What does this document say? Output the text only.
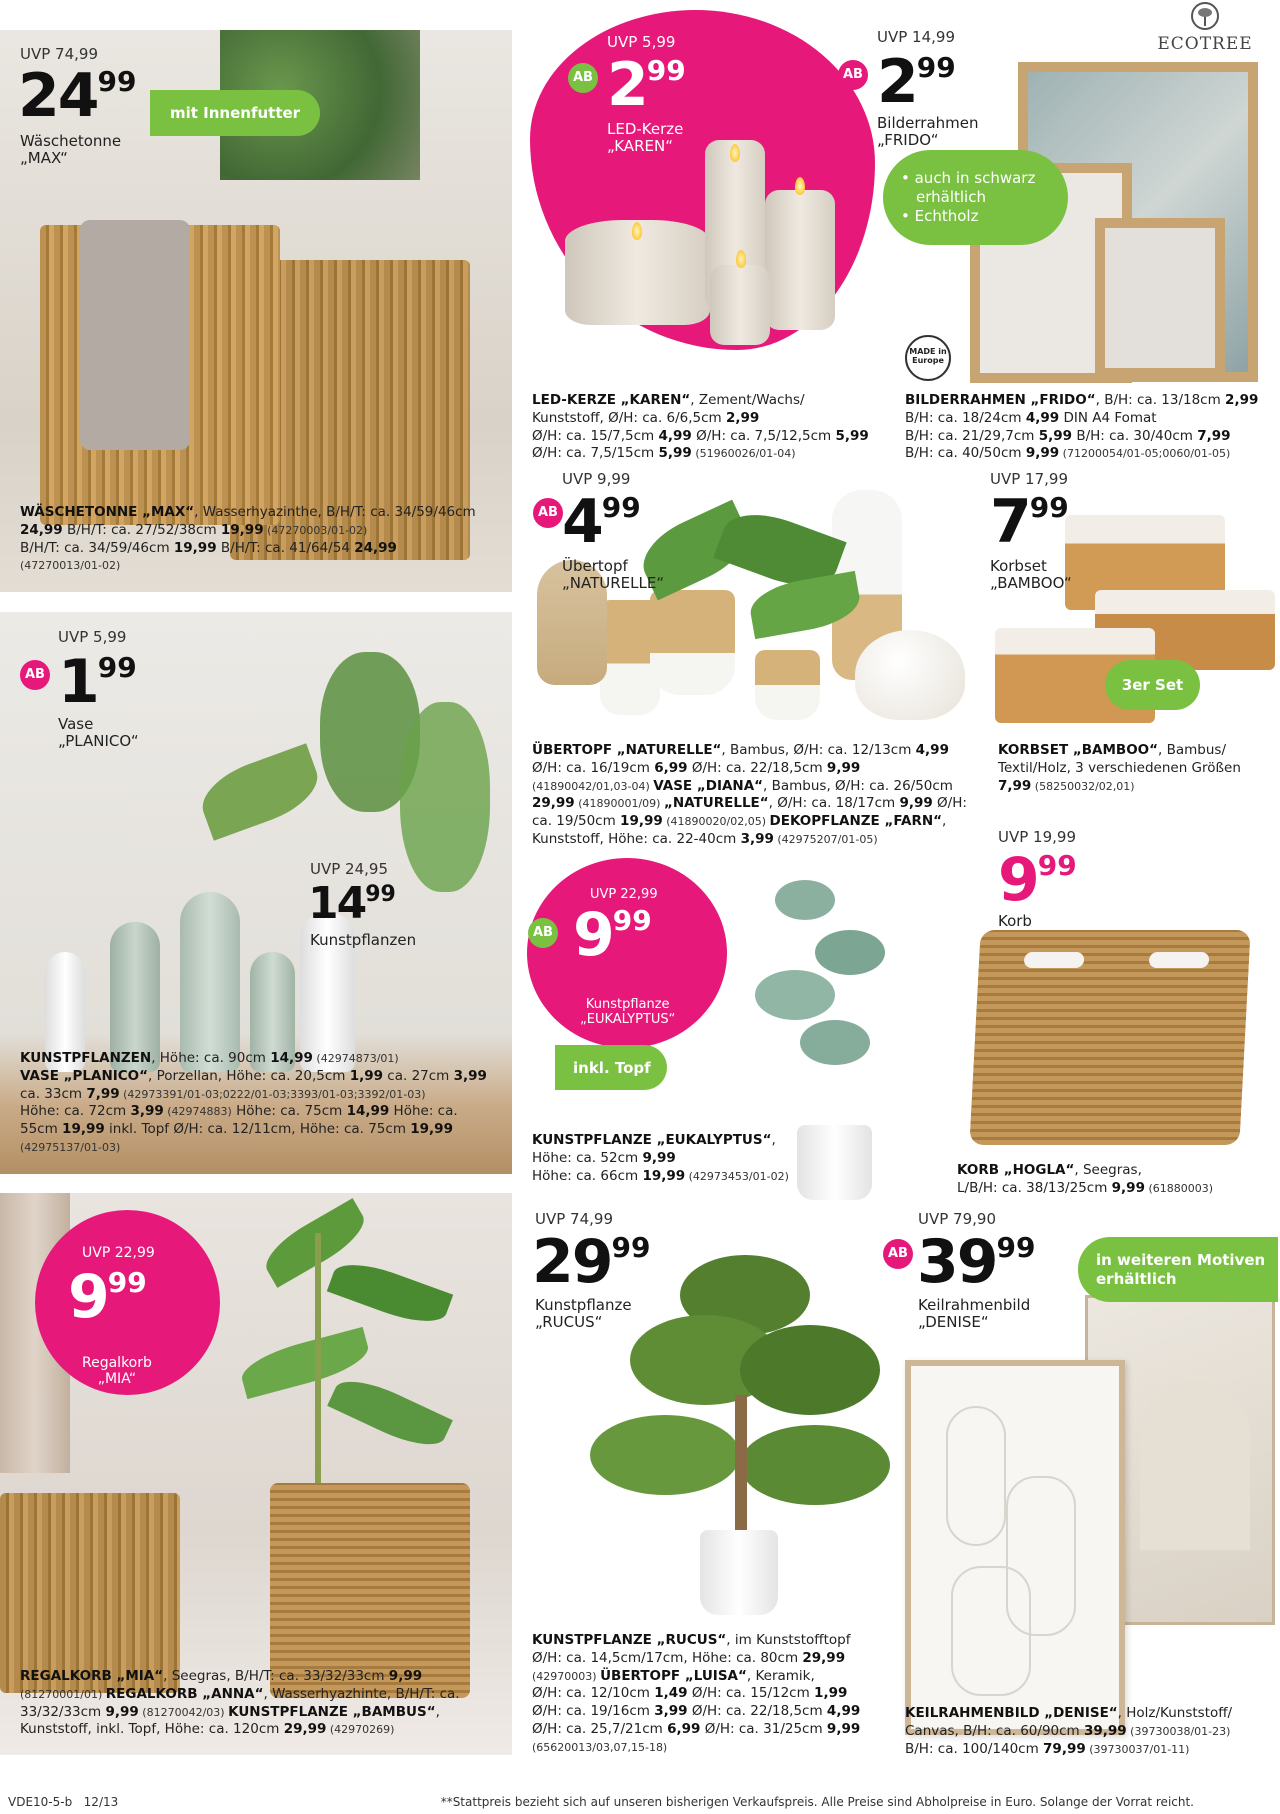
UVP 74,99
$24^{99}$
Wäschetonne
„MAX“
mit Innenfutter
WÄSCHETONNE „MAX“, Wasserhyazinthe, B/H/T: ca. 34/59/46cm
24,99 B/H/T: ca. 27/52/38cm 19,99 (47270003/01-02)
B/H/T: ca. 34/59/46cm 19,99 B/H/T: ca. 41/64/54 24,99
(47270013/01-02)
UVP 5,99
AB $2^{99}$
LED-Kerze
„KAREN“
LED-KERZE „KAREN“, Zement/Wachs/
Kunststoff, Ø/H: ca. 6/6,5cm 2,99
Ø/H: ca. 15/7,5cm 4,99 Ø/H: ca. 7,5/12,5cm 5,99
Ø/H: ca. 7,5/15cm 5,99 (51960026/01-04)
ECOTREE
UVP 14,99
AB $2^{99}$
Bilderrahmen
„FRIDO“
• auch in schwarz
erhältlich
• Echtholz
MADE in Europe
BILDERRAHMEN „FRIDO“, B/H: ca. 13/18cm 2,99
B/H: ca. 18/24cm 4,99 DIN A4 Fomat
B/H: ca. 21/29,7cm 5,99 B/H: ca. 30/40cm 7,99
B/H: ca. 40/50cm 9,99 (71200054/01-05;0060/01-05)
UVP 9,99
AB $4^{99}$
Übertopf
„NATURELLE“
ÜBERTOPF „NATURELLE“, Bambus, Ø/H: ca. 12/13cm 4,99
Ø/H: ca. 16/19cm 6,99 Ø/H: ca. 22/18,5cm 9,99
(41890042/01,03-04) VASE „DIANA“, Bambus, Ø/H: ca. 26/50cm
29,99 (41890001/09) „NATURELLE“, Ø/H: ca. 18/17cm 9,99 Ø/H:
ca. 19/50cm 19,99 (41890020/02,05) DEKOPFLANZE „FARN“,
Kunststoff, Höhe: ca. 22-40cm 3,99 (42975207/01-05)
UVP 17,99
$7^{99}$
Korbset
„BAMBOO“
3er Set
KORBSET „BAMBOO“, Bambus/
Textil/Holz, 3 verschiedenen Größen
7,99 (58250032/02,01)
UVP 5,99
AB $1^{99}$
Vase
„PLANICO“
UVP 24,95
$14^{99}$
Kunstpflanzen
KUNSTPFLANZEN, Höhe: ca. 90cm 14,99 (42974873/01)
VASE „PLANICO“, Porzellan, Höhe: ca. 20,5cm 1,99 ca. 27cm 3,99
ca. 33cm 7,99 (42973391/01-03;0222/01-03;3393/01-03;3392/01-03)
Höhe: ca. 72cm 3,99 (42974883) Höhe: ca. 75cm 14,99 Höhe: ca.
55cm 19,99 inkl. Topf Ø/H: ca. 12/11cm, Höhe: ca. 75cm 19,99
(42975137/01-03)
UVP 22,99
AB $9^{99}$
Kunstpflanze
„EUKALYPTUS“
inkl. Topf
KUNSTPFLANZE „EUKALYPTUS“,
Höhe: ca. 52cm 9,99
Höhe: ca. 66cm 19,99 (42973453/01-02)
UVP 19,99
$9^{99}$
Korb
KORB „HOGLA“, Seegras,
L/B/H: ca. 38/13/25cm 9,99 (61880003)
UVP 22,99
$9^{99}$
Regalkorb
„MIA“
REGALKORB „MIA“, Seegras, B/H/T: ca. 33/32/33cm 9,99
(81270001/01) REGALKORB „ANNA“, Wasserhyazhinte, B/H/T: ca.
33/32/33cm 9,99 (81270042/03) KUNSTPFLANZE „BAMBUS“,
Kunststoff, inkl. Topf, Höhe: ca. 120cm 29,99 (42970269)
UVP 74,99
$29^{99}$
Kunstpflanze
„RUCUS“
KUNSTPFLANZE „RUCUS“, im Kunststofftopf
Ø/H: ca. 14,5cm/17cm, Höhe: ca. 80cm 29,99
(42970003) ÜBERTOPF „LUISA“, Keramik,
Ø/H: ca. 12/10cm 1,49 Ø/H: ca. 15/12cm 1,99
Ø/H: ca. 19/16cm 3,99 Ø/H: ca. 22/18,5cm 4,99
Ø/H: ca. 25,7/21cm 6,99 Ø/H: ca. 31/25cm 9,99
(65620013/03,07,15-18)
UVP 79,90
AB $39^{99}$
Keilrahmenbild
„DENISE“
in weiteren Motiven
erhältlich
KEILRAHMENBILD „DENISE“, Holz/Kunststoff/
Canvas, B/H: ca. 60/90cm 39,99 (39730038/01-23)
B/H: ca. 100/140cm 79,99 (39730037/01-11)
VDE10-5-b 12/13	**Stattpreis bezieht sich auf unseren bisherigen Verkaufspreis. Alle Preise sind Abholpreise in Euro. Solange der Vorrat reicht.
